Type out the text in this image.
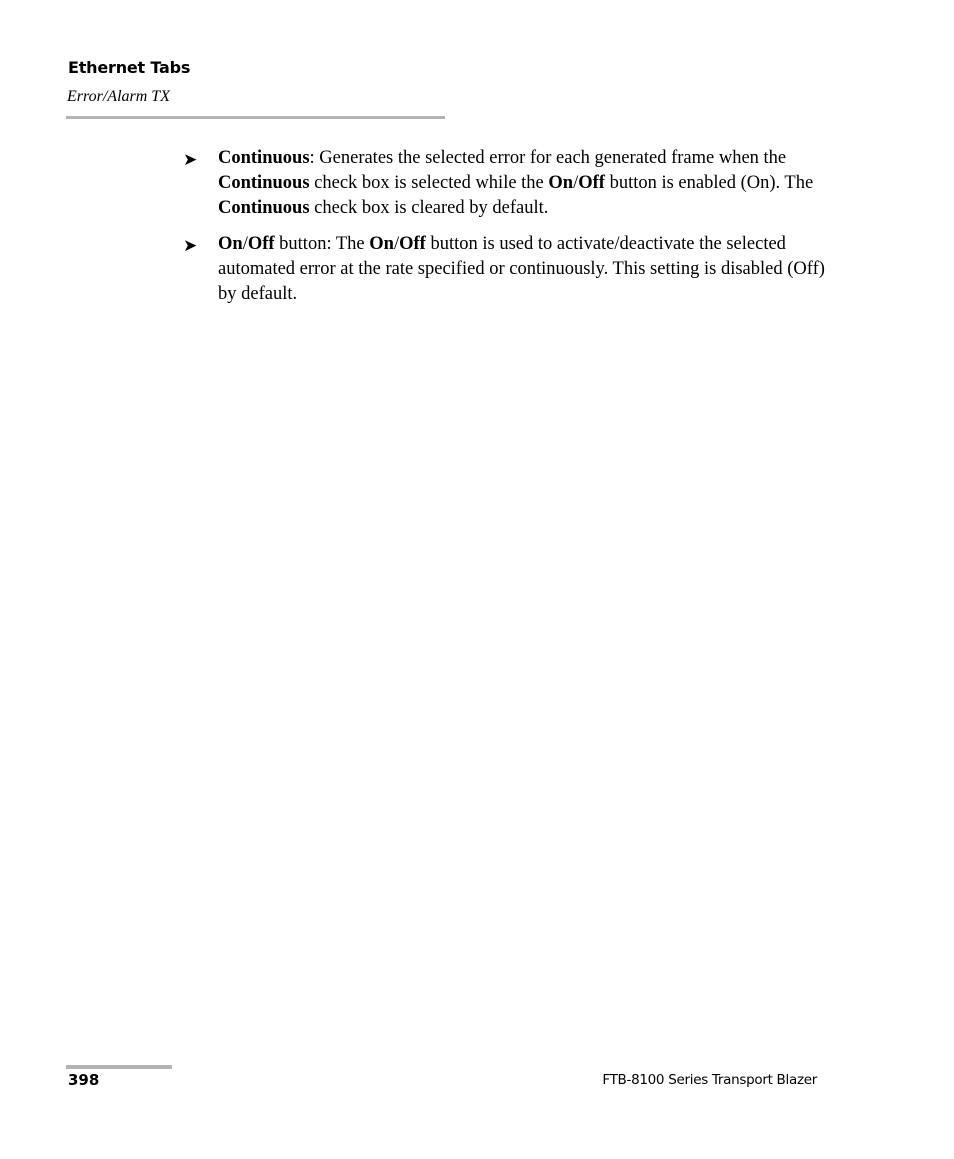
Ethernet Tabs
Error/Alarm TX
➤ Continuous: Generates the selected error for each generated frame when the Continuous check box is selected while the On/Off button is enabled (On). The Continuous check box is cleared by default.
➤ On/Off button: The On/Off button is used to activate/deactivate the selected automated error at the rate specified or continuously. This setting is disabled (Off) by default.
398	FTB-8100 Series Transport Blazer
